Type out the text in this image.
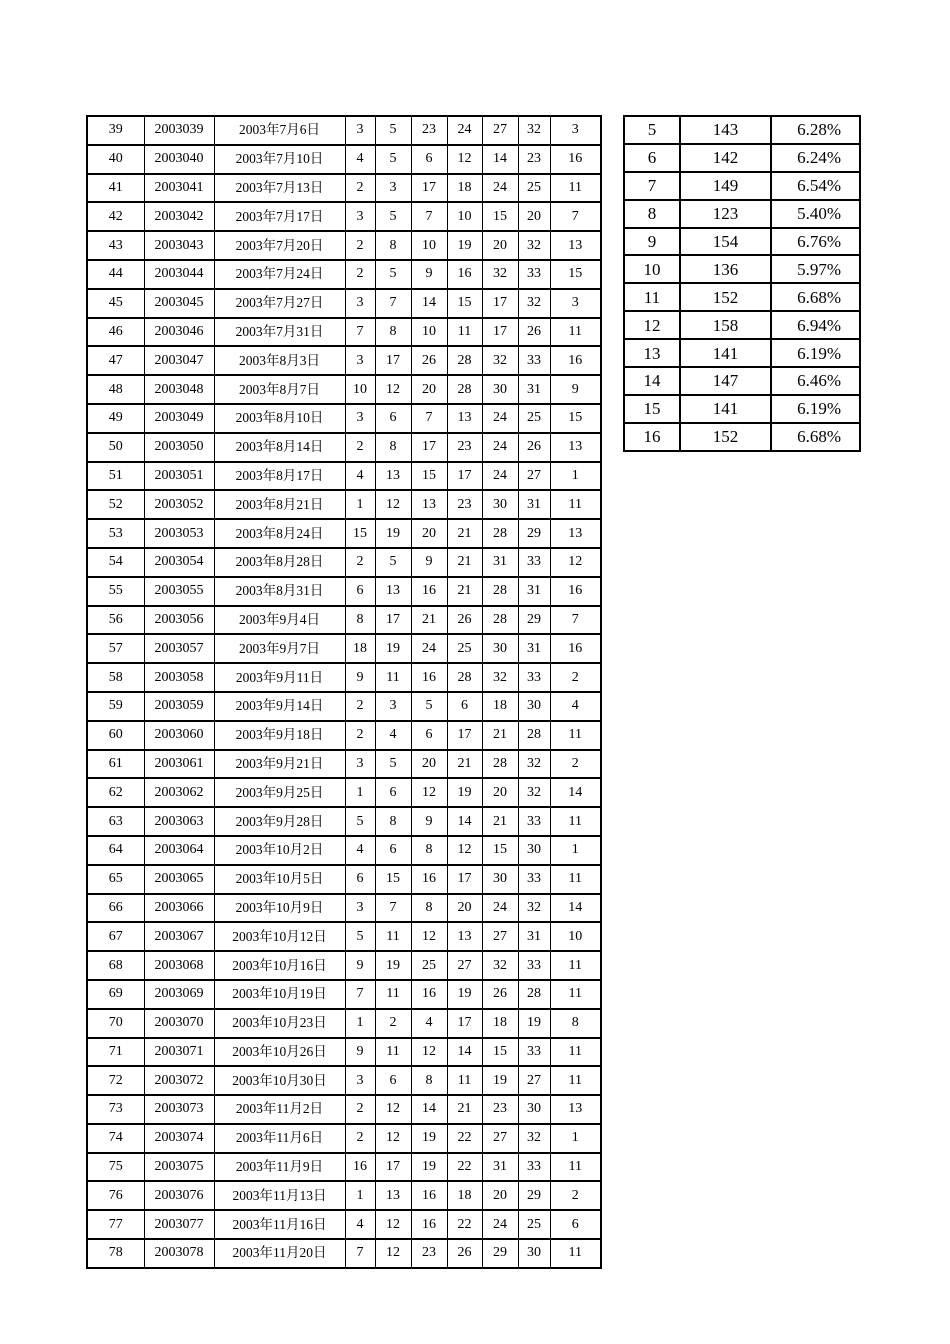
39	2003039	2003年7月6日	3	5	23	24	27	32	3
40	2003040	2003年7月10日	4	5	6	12	14	23	16
41	2003041	2003年7月13日	2	3	17	18	24	25	11
42	2003042	2003年7月17日	3	5	7	10	15	20	7
43	2003043	2003年7月20日	2	8	10	19	20	32	13
44	2003044	2003年7月24日	2	5	9	16	32	33	15
45	2003045	2003年7月27日	3	7	14	15	17	32	3
46	2003046	2003年7月31日	7	8	10	11	17	26	11
47	2003047	2003年8月3日	3	17	26	28	32	33	16
48	2003048	2003年8月7日	10	12	20	28	30	31	9
49	2003049	2003年8月10日	3	6	7	13	24	25	15
50	2003050	2003年8月14日	2	8	17	23	24	26	13
51	2003051	2003年8月17日	4	13	15	17	24	27	1
52	2003052	2003年8月21日	1	12	13	23	30	31	11
53	2003053	2003年8月24日	15	19	20	21	28	29	13
54	2003054	2003年8月28日	2	5	9	21	31	33	12
55	2003055	2003年8月31日	6	13	16	21	28	31	16
56	2003056	2003年9月4日	8	17	21	26	28	29	7
57	2003057	2003年9月7日	18	19	24	25	30	31	16
58	2003058	2003年9月11日	9	11	16	28	32	33	2
59	2003059	2003年9月14日	2	3	5	6	18	30	4
60	2003060	2003年9月18日	2	4	6	17	21	28	11
61	2003061	2003年9月21日	3	5	20	21	28	32	2
62	2003062	2003年9月25日	1	6	12	19	20	32	14
63	2003063	2003年9月28日	5	8	9	14	21	33	11
64	2003064	2003年10月2日	4	6	8	12	15	30	1
65	2003065	2003年10月5日	6	15	16	17	30	33	11
66	2003066	2003年10月9日	3	7	8	20	24	32	14
67	2003067	2003年10月12日	5	11	12	13	27	31	10
68	2003068	2003年10月16日	9	19	25	27	32	33	11
69	2003069	2003年10月19日	7	11	16	19	26	28	11
70	2003070	2003年10月23日	1	2	4	17	18	19	8
71	2003071	2003年10月26日	9	11	12	14	15	33	11
72	2003072	2003年10月30日	3	6	8	11	19	27	11
73	2003073	2003年11月2日	2	12	14	21	23	30	13
74	2003074	2003年11月6日	2	12	19	22	27	32	1
75	2003075	2003年11月9日	16	17	19	22	31	33	11
76	2003076	2003年11月13日	1	13	16	18	20	29	2
77	2003077	2003年11月16日	4	12	16	22	24	25	6
78	2003078	2003年11月20日	7	12	23	26	29	30	11
5	143	6.28%
6	142	6.24%
7	149	6.54%
8	123	5.40%
9	154	6.76%
10	136	5.97%
11	152	6.68%
12	158	6.94%
13	141	6.19%
14	147	6.46%
15	141	6.19%
16	152	6.68%
